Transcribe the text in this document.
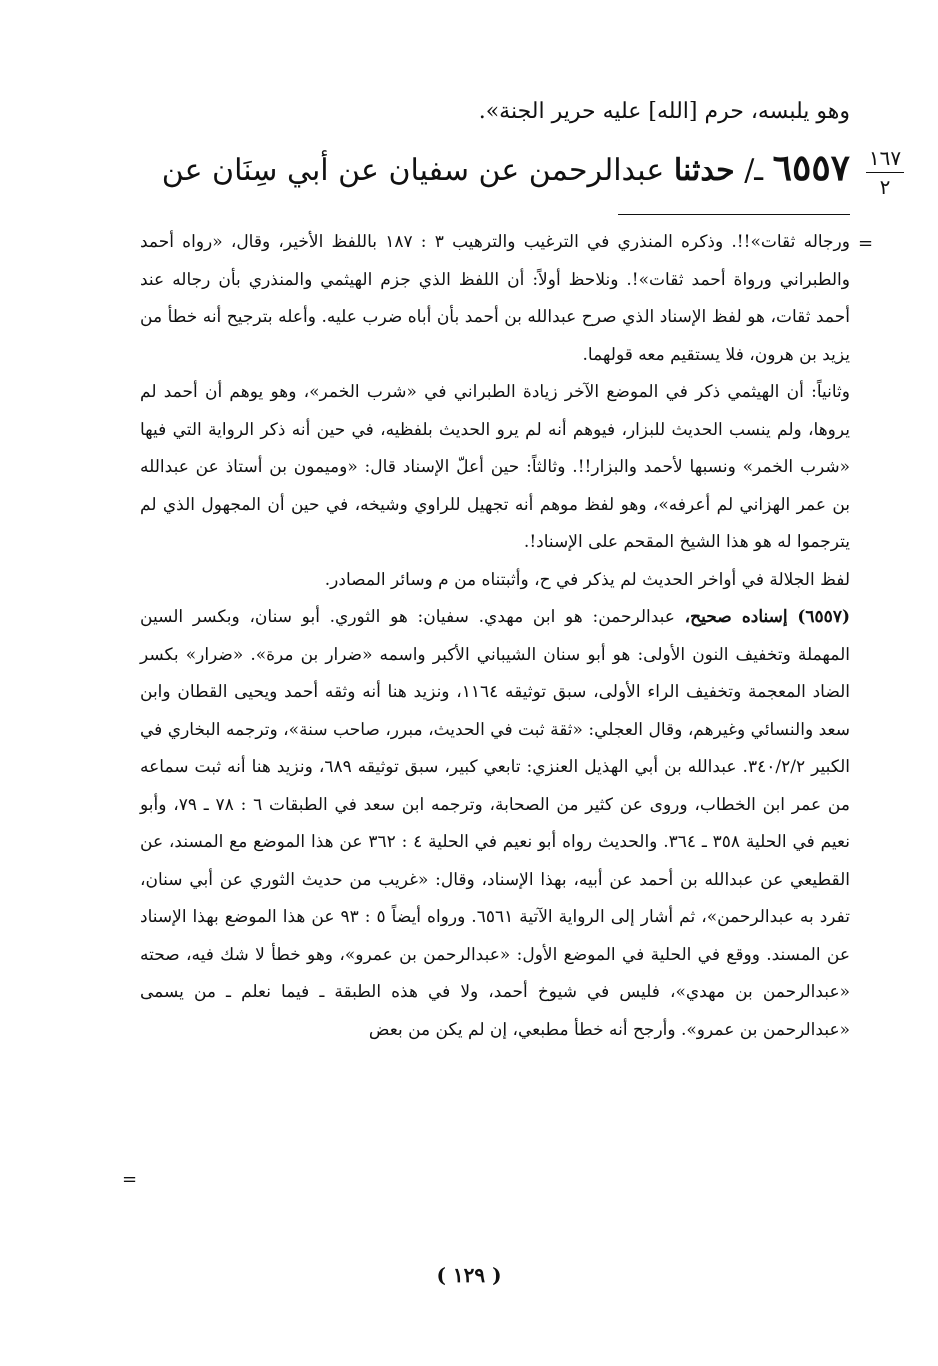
وهو يلبسه، حرم [الله] عليه حرير الجنة».
٦٥٥٧ ـ/ حدثنا عبدالرحمن عن سفيان عن أبي سِنَان عن	١٦٧
٢
=

ورجاله ثقات»!!. وذكره المنذري في الترغيب والترهيب ٣ : ١٨٧ باللفظ الأخير، وقال، «رواه أحمد والطبراني ورواة أحمد ثقات»!. ونلاحظ أولاً: أن اللفظ الذي جزم الهيثمي والمنذري بأن رجاله عند أحمد ثقات، هو لفظ الإسناد الذي صرح عبدالله بن أحمد بأن أباه ضرب عليه. وأعله بترجيح أنه خطأ من يزيد بن هرون، فلا يستقيم معه قولهما.

وثانياً: أن الهيثمي ذكر في الموضع الآخر زيادة الطبراني في «شرب الخمر»، وهو يوهم أن أحمد لم يروها، ولم ينسب الحديث للبزار، فيوهم أنه لم يرو الحديث بلفظيه، في حين أنه ذكر الرواية التي فيها «شرب الخمر» ونسبها لأحمد والبزار!!. وثالثاً: حين أعلّ الإسناد قال: «وميمون بن أستاذ عن عبدالله بن عمر الهزاني لم أعرفه»، وهو لفظ موهم أنه تجهيل للراوي وشيخه، في حين أن المجهول الذي لم يترجموا له هو هذا الشيخ المقحم على الإسناد!.

لفظ الجلالة في أواخر الحديث لم يذكر في ح، وأثبتناه من م وسائر المصادر.

(٦٥٥٧) إسناده صحيح، عبدالرحمن: هو ابن مهدي. سفيان: هو الثوري. أبو سنان، وبكسر السين المهملة وتخفيف النون الأولى: هو أبو سنان الشيباني الأكبر واسمه «ضرار بن مرة». «ضرار» بكسر الضاد المعجمة وتخفيف الراء الأولى، سبق توثيقه ١١٦٤، ونزيد هنا أنه وثقه أحمد ويحيى القطان وابن سعد والنسائي وغيرهم، وقال العجلي: «ثقة ثبت في الحديث، مبرر، صاحب سنة»، وترجمه البخاري في الكبير ٣٤٠/٢/٢. عبدالله بن أبي الهذيل العنزي: تابعي كبير، سبق توثيقه ٦٨٩، ونزيد هنا أنه ثبت سماعه من عمر ابن الخطاب، وروى عن كثير من الصحابة، وترجمه ابن سعد في الطبقات ٦ : ٧٨ ـ ٧٩، وأبو نعيم في الحلية ٣٥٨ ـ ٣٦٤. والحديث رواه أبو نعيم في الحلية ٤ : ٣٦٢ عن هذا الموضع مع المسند، عن القطيعي عن عبدالله بن أحمد عن أبيه، بهذا الإسناد، وقال: «غريب من حديث الثوري عن أبي سنان، تفرد به عبدالرحمن»، ثم أشار إلى الرواية الآتية ٦٥٦١. ورواه أيضاً ٥ : ٩٣ عن هذا الموضع بهذا الإسناد عن المسند. ووقع في الحلية في الموضع الأول: «عبدالرحمن بن عمرو»، وهو خطأ لا شك فيه، صحته «عبدالرحمن بن مهدي»، فليس في شيوخ أحمد، ولا في هذه الطبقة ـ فيما نعلم ـ من يسمى «عبدالرحمن بن عمرو». وأرجح أنه خطأ مطبعي، إن لم يكن من بعض

=
( ١٢٩ )
